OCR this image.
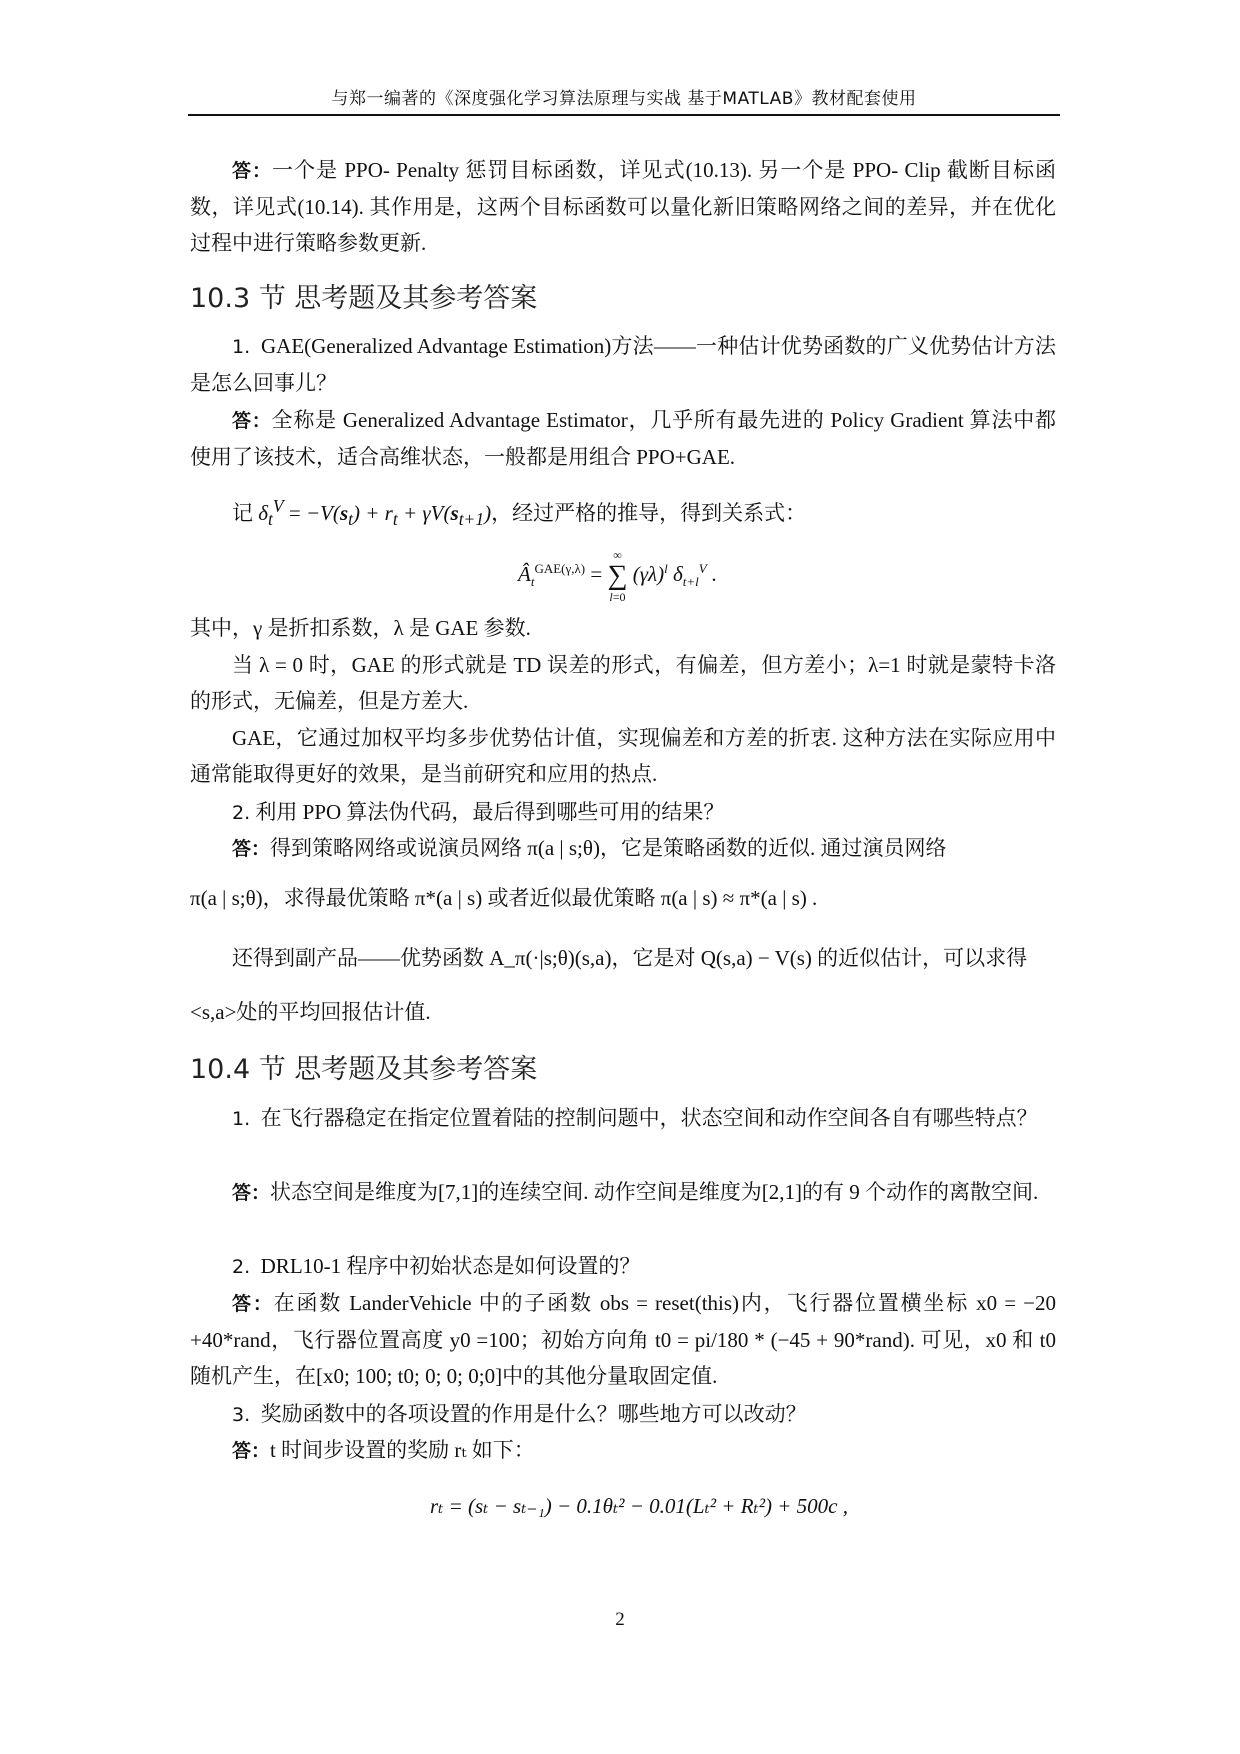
与郑一编著的《深度强化学习算法原理与实战 基于MATLAB》教材配套使用
答：一个是 PPO- Penalty 惩罚目标函数，详见式(10.13). 另一个是 PPO- Clip 截断目标函数，详见式(10.14). 其作用是，这两个目标函数可以量化新旧策略网络之间的差异，并在优化过程中进行策略参数更新.
10.3 节 思考题及其参考答案
1. GAE(Generalized Advantage Estimation)方法——一种估计优势函数的广义优势估计方法是怎么回事儿？
答：全称是 Generalized Advantage Estimator，几乎所有最先进的 Policy Gradient 算法中都使用了该技术，适合高维状态，一般都是用组合 PPO+GAE.
记 $\delta_t^V = -V(s_t) + r_t + \gamma V(s_{t+1})$，经过严格的推导，得到关系式：
$Â_t^{GAE(\gamma,\lambda)}$ =
∞
∑
l=0
$(\gamma\lambda)^l$ $\delta_{t+l}^V$ .
其中，γ 是折扣系数，λ 是 GAE 参数.
当 λ = 0 时，GAE 的形式就是 TD 误差的形式，有偏差，但方差小；λ=1 时就是蒙特卡洛的形式，无偏差，但是方差大.
GAE，它通过加权平均多步优势估计值，实现偏差和方差的折衷. 这种方法在实际应用中通常能取得更好的效果，是当前研究和应用的热点.
2. 利用 PPO 算法伪代码，最后得到哪些可用的结果？
答：得到策略网络或说演员网络 π(a | s;θ)，它是策略函数的近似. 通过演员网络
π(a | s;θ)，求得最优策略 π*(a | s) 或者近似最优策略 π(a | s) ≈ π*(a | s) .
还得到副产品——优势函数 A_π(·|s;θ)(s,a)，它是对 Q(s,a) − V(s) 的近似估计，可以求得
<s,a>处的平均回报估计值.
10.4 节 思考题及其参考答案
1. 在飞行器稳定在指定位置着陆的控制问题中，状态空间和动作空间各自有哪些特点？
答：状态空间是维度为[7,1]的连续空间. 动作空间是维度为[2,1]的有 9 个动作的离散空间.
2. DRL10-1 程序中初始状态是如何设置的？
答：在函数 LanderVehicle 中的子函数 obs = reset(this)内，飞行器位置横坐标 x0 = −20 +40*rand，飞行器位置高度 y0 =100；初始方向角 t0 = pi/180 * (−45 + 90*rand). 可见，x0 和 t0 随机产生，在[x0; 100; t0; 0; 0; 0;0]中的其他分量取固定值.
3. 奖励函数中的各项设置的作用是什么？哪些地方可以改动？
答：t 时间步设置的奖励 rₜ 如下：
rₜ = (sₜ − sₜ₋₁) − 0.1θₜ² − 0.01(Lₜ² + Rₜ²) + 500c ,
2
